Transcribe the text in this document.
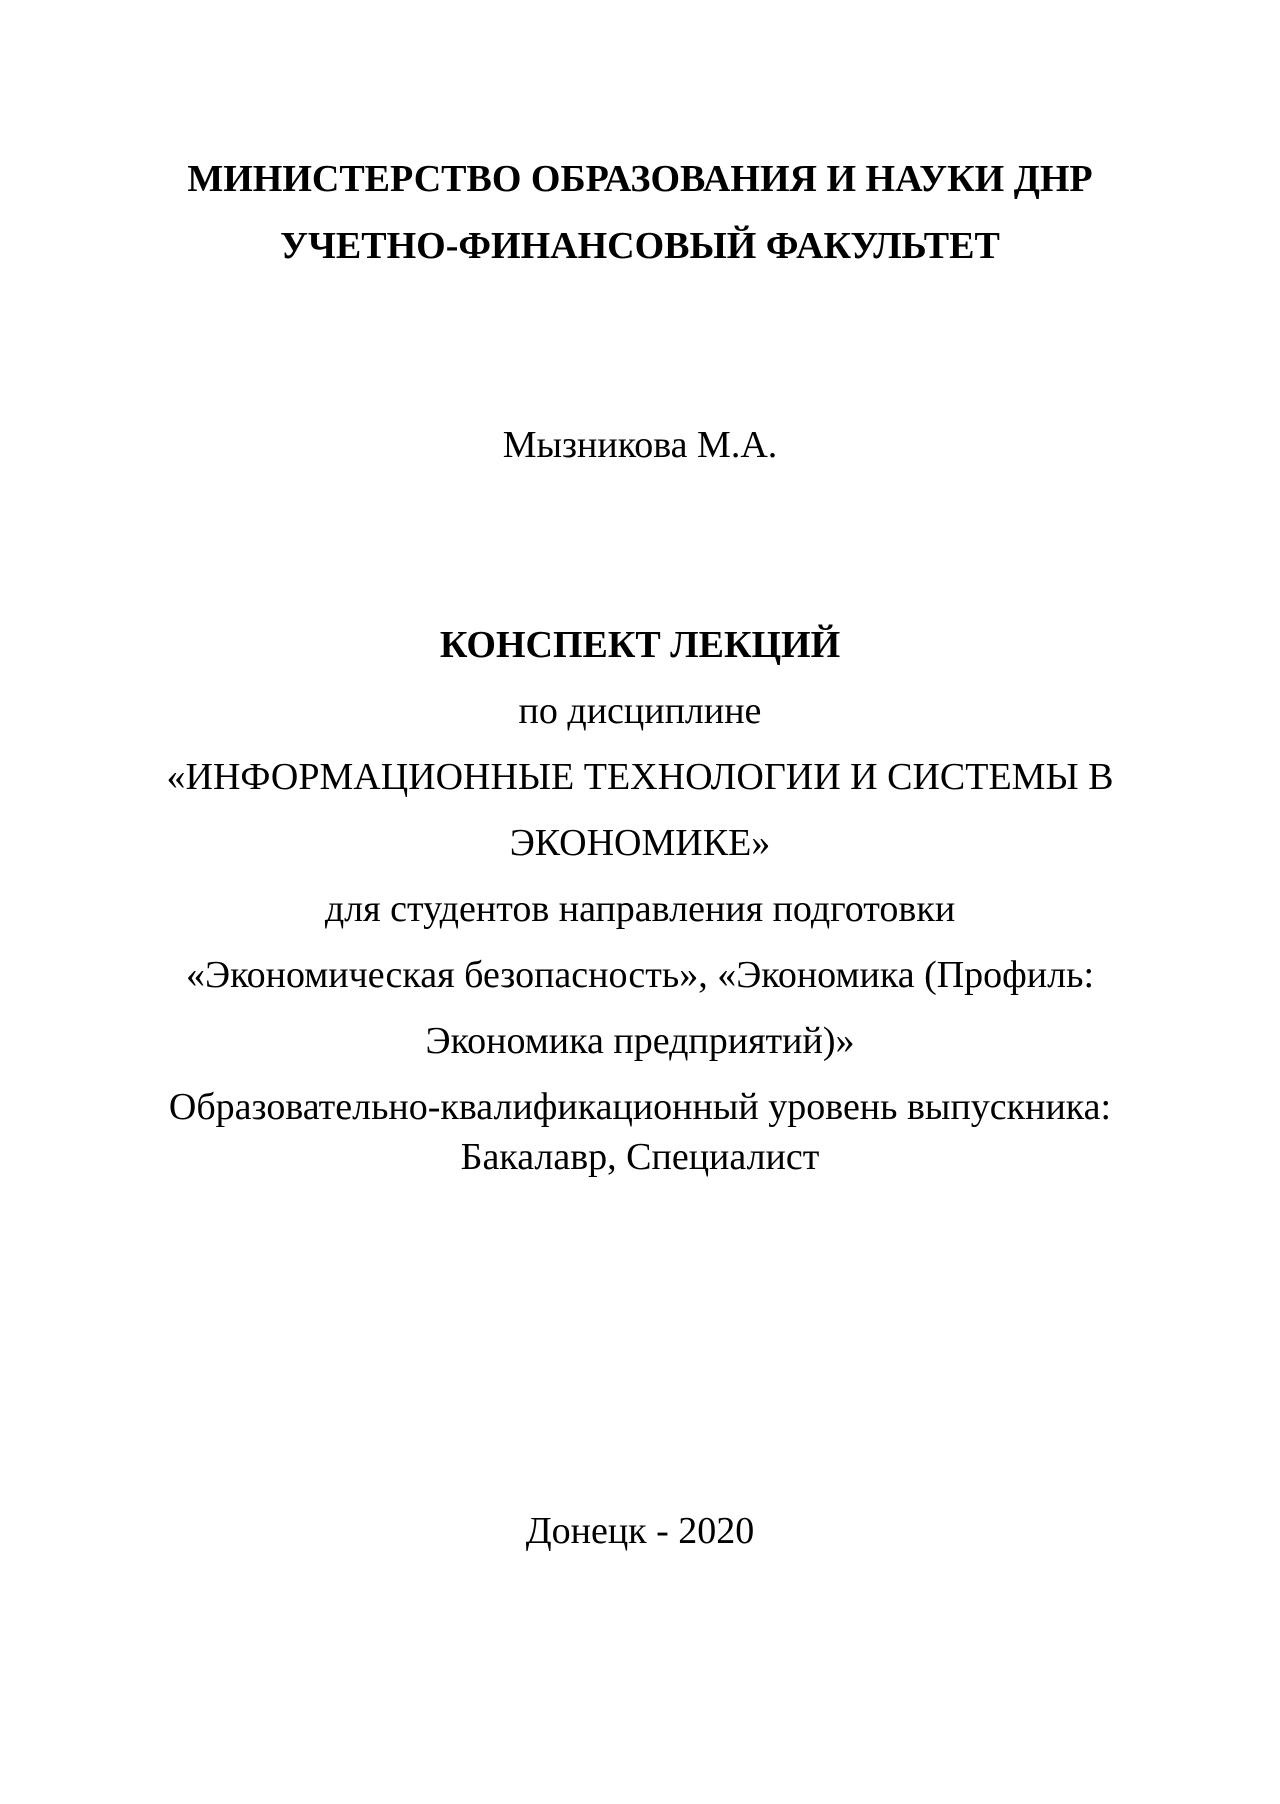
МИНИСТЕРСТВО ОБРАЗОВАНИЯ И НАУКИ ДНР
УЧЕТНО-ФИНАНСОВЫЙ ФАКУЛЬТЕТ
Мызникова М.А.
КОНСПЕКТ ЛЕКЦИЙ
по дисциплине
«ИНФОРМАЦИОННЫЕ ТЕХНОЛОГИИ И СИСТЕМЫ В
ЭКОНОМИКЕ»
для студентов направления подготовки
«Экономическая безопасность», «Экономика (Профиль:
Экономика предприятий)»
Образовательно-квалификационный уровень выпускника:
Бакалавр, Специалист
Донецк - 2020
